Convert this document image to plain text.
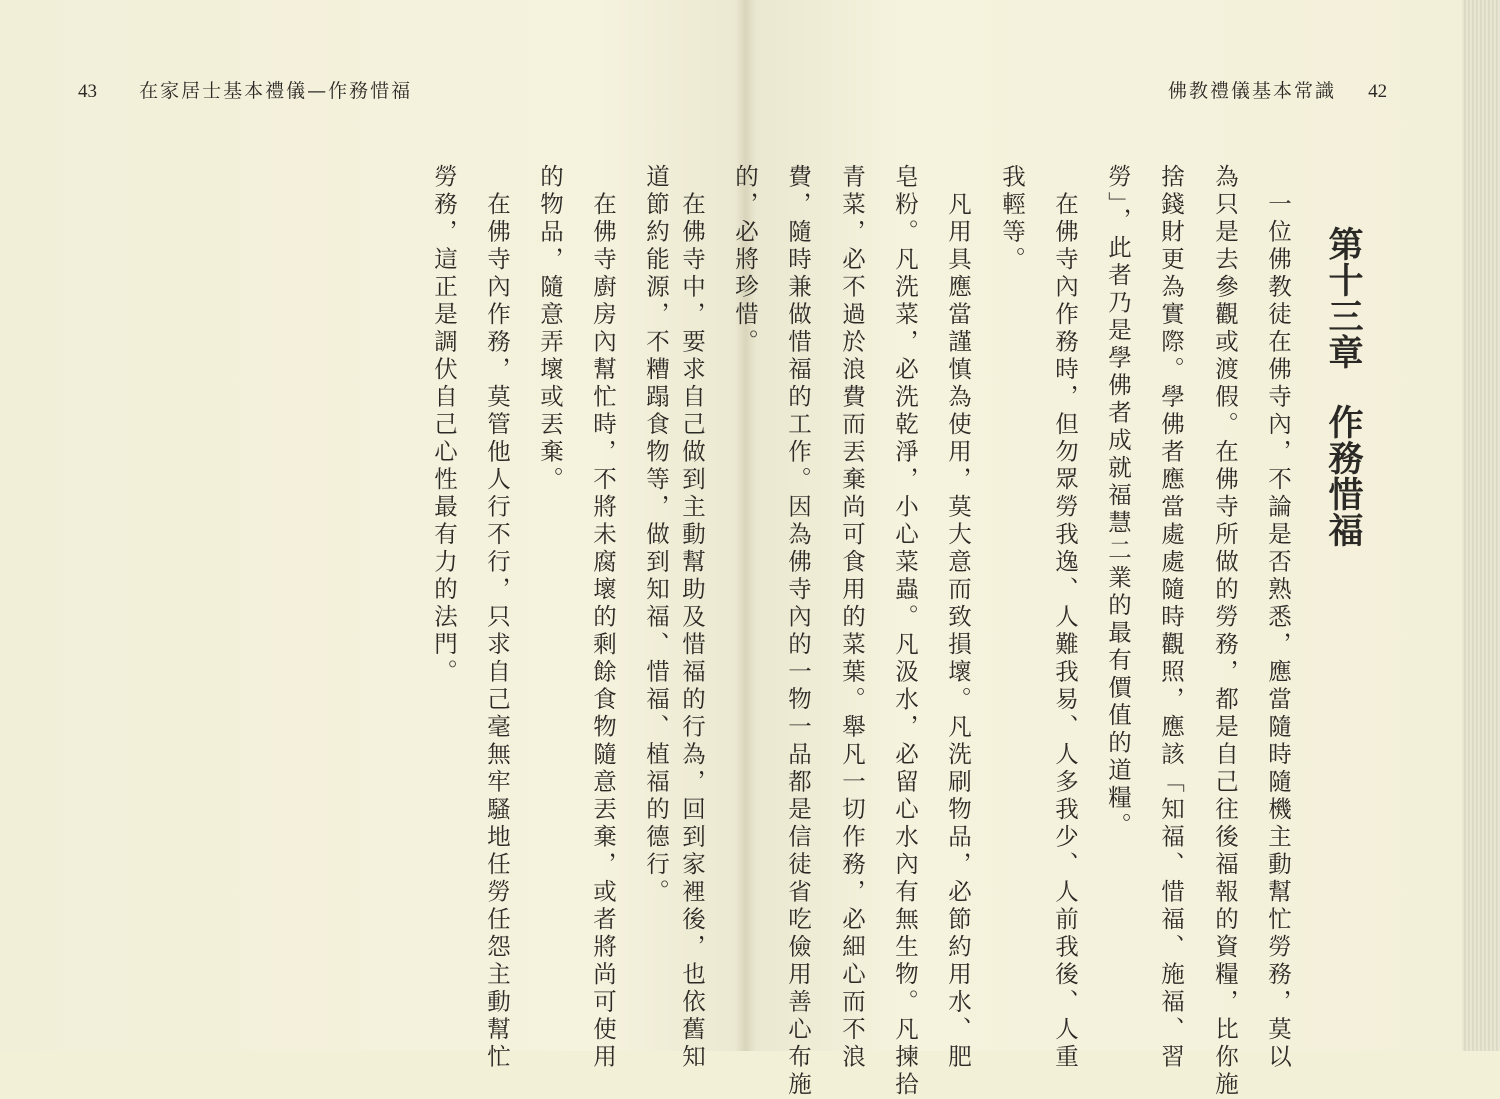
43 在家居士基本禮儀—作務惜福	佛教禮儀基本常識 42
第十三章作務惜福
道節約能源，不糟蹋食物等，做到知福、惜福、植福的德行。
　在佛寺廚房內幫忙時，不將未腐壞的剩餘食物隨意丟棄，或者將尚可使用
的物品，隨意弄壞或丟棄。
　在佛寺內作務，莫管他人行不行，只求自己毫無牢騷地任勞任怨主動幫忙
勞務，這正是調伏自己心性最有力的法門。	　一位佛教徒在佛寺內，不論是否熟悉，應當隨時隨機主動幫忙勞務，莫以
為只是去參觀或渡假。在佛寺所做的勞務，都是自己往後福報的資糧，比你施
捨錢財更為實際。學佛者應當處處隨時觀照，應該「知福、惜福、施福、習
勞」，此者乃是學佛者成就福慧二業的最有價值的道糧。
　在佛寺內作務時，但勿眾勞我逸、人難我易、人多我少、人前我後、人重
我輕等。
　凡用具應當謹慎為使用，莫大意而致損壞。凡洗刷物品，必節約用水、肥
皂粉。凡洗菜，必洗乾淨，小心菜蟲。凡汲水，必留心水內有無生物。凡揀拾
青菜，必不過於浪費而丟棄尚可食用的菜葉。舉凡一切作務，必細心而不浪
費，隨時兼做惜福的工作。因為佛寺內的一物一品都是信徒省吃儉用善心布施
的，必將珍惜。
　在佛寺中，要求自己做到主動幫助及惜福的行為，回到家裡後，也依舊知
